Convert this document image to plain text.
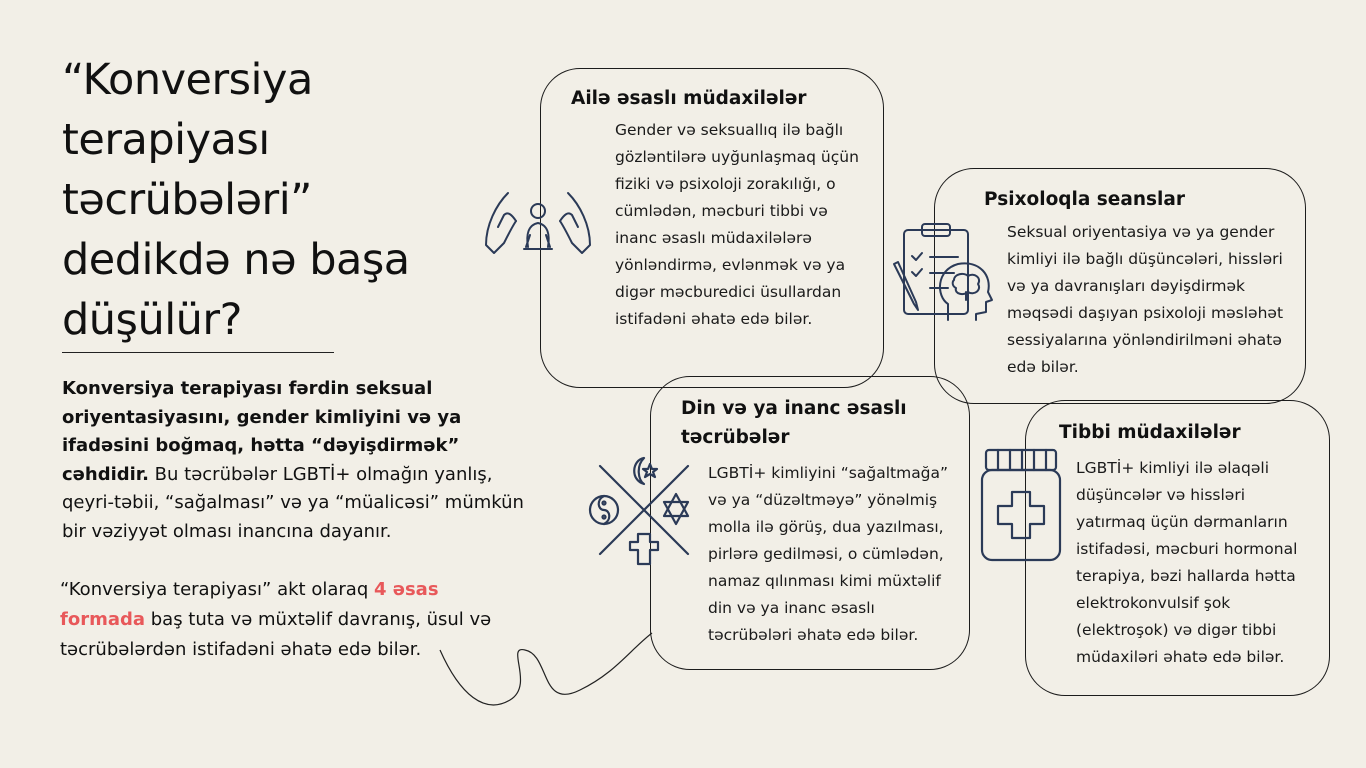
“Konversiya terapiyası təcrübələri” dedikdə nə başa düşülür?

Konversiya terapiyası fərdin seksual oriyentasiyasını, gender kimliyini və ya ifadəsini boğmaq, hətta “dəyişdirmək” cəhdidir. Bu təcrübələr LGBTİ+ olmağın yanlış, qeyri-təbii, “sağalması” və ya “müalicəsi” mümkün bir vəziyyət olması inancına dayanır.

“Konversiya terapiyası” akt olaraq 4 əsas formada baş tuta və müxtəlif davranış, üsul və təcrübələrdən istifadəni əhatə edə bilər.

Ailə əsaslı müdaxilələr

Gender və seksuallıq ilə bağlı gözləntilərə uyğunlaşmaq üçün fiziki və psixoloji zorakılığı, o cümlədən, məcburi tibbi və inanc əsaslı müdaxilələrə yönləndirmə, evlənmək və ya digər məcburedici üsullardan istifadəni əhatə edə bilər.

Psixoloqla seanslar

Seksual oriyentasiya və ya gender kimliyi ilə bağlı düşüncələri, hissləri və ya davranışları dəyişdirmək məqsədi daşıyan psixoloji məsləhət sessiyalarına yönləndirilməni əhatə edə bilər.

Din və ya inanc əsaslı təcrübələr

LGBTİ+ kimliyini “sağaltmağa” və ya “düzəltməyə” yönəlmiş molla ilə görüş, dua yazılması, pirlərə gedilməsi, o cümlədən, namaz qılınması kimi müxtəlif din və ya inanc əsaslı təcrübələri əhatə edə bilər.

Tibbi müdaxilələr

LGBTİ+ kimliyi ilə əlaqəli düşüncələr və hissləri yatırmaq üçün dərmanların istifadəsi, məcburi hormonal terapiya, bəzi hallarda hətta elektrokonvulsif şok (elektroşok) və digər tibbi müdaxiləri əhatə edə bilər.
